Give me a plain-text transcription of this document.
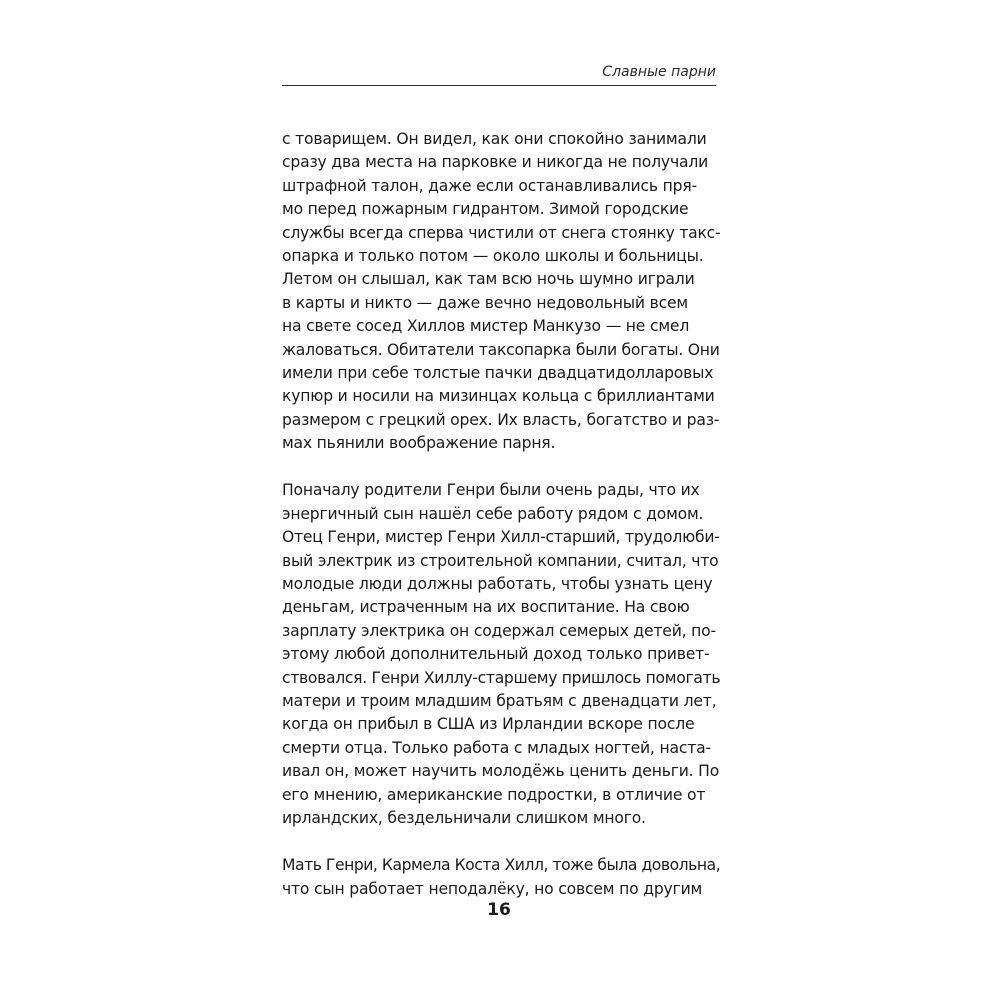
Славные парни

с товарищем. Он видел, как они спокойно занимали
сразу два места на парковке и никогда не получали
штрафной талон, даже если останавливались пря-
мо перед пожарным гидрантом. Зимой городские
службы всегда сперва чистили от снега стоянку такс-
опарка и только потом — около школы и больницы.
Летом он слышал, как там всю ночь шумно играли
в карты и никто — даже вечно недовольный всем
на свете сосед Хиллов мистер Манкузо — не смел
жаловаться. Обитатели таксопарка были богаты. Они
имели при себе толстые пачки двадцатидолларовых
купюр и носили на мизинцах кольца с бриллиантами
размером с грецкий орех. Их власть, богатство и раз-
мах пьянили воображение парня.

Поначалу родители Генри были очень рады, что их
энергичный сын нашёл себе работу рядом с домом.
Отец Генри, мистер Генри Хилл-старший, трудолюби-
вый электрик из строительной компании, считал, что
молодые люди должны работать, чтобы узнать цену
деньгам, истраченным на их воспитание. На свою
зарплату электрика он содержал семерых детей, по-
этому любой дополнительный доход только привет-
ствовался. Генри Хиллу-старшему пришлось помогать
матери и троим младшим братьям с двенадцати лет,
когда он прибыл в США из Ирландии вскоре после
смерти отца. Только работа с младых ногтей, наста-
ивал он, может научить молодёжь ценить деньги. По
его мнению, американские подростки, в отличие от
ирландских, бездельничали слишком много.

Мать Генри, Кармела Коста Хилл, тоже была довольна,
что сын работает неподалёку, но совсем по другим

16
